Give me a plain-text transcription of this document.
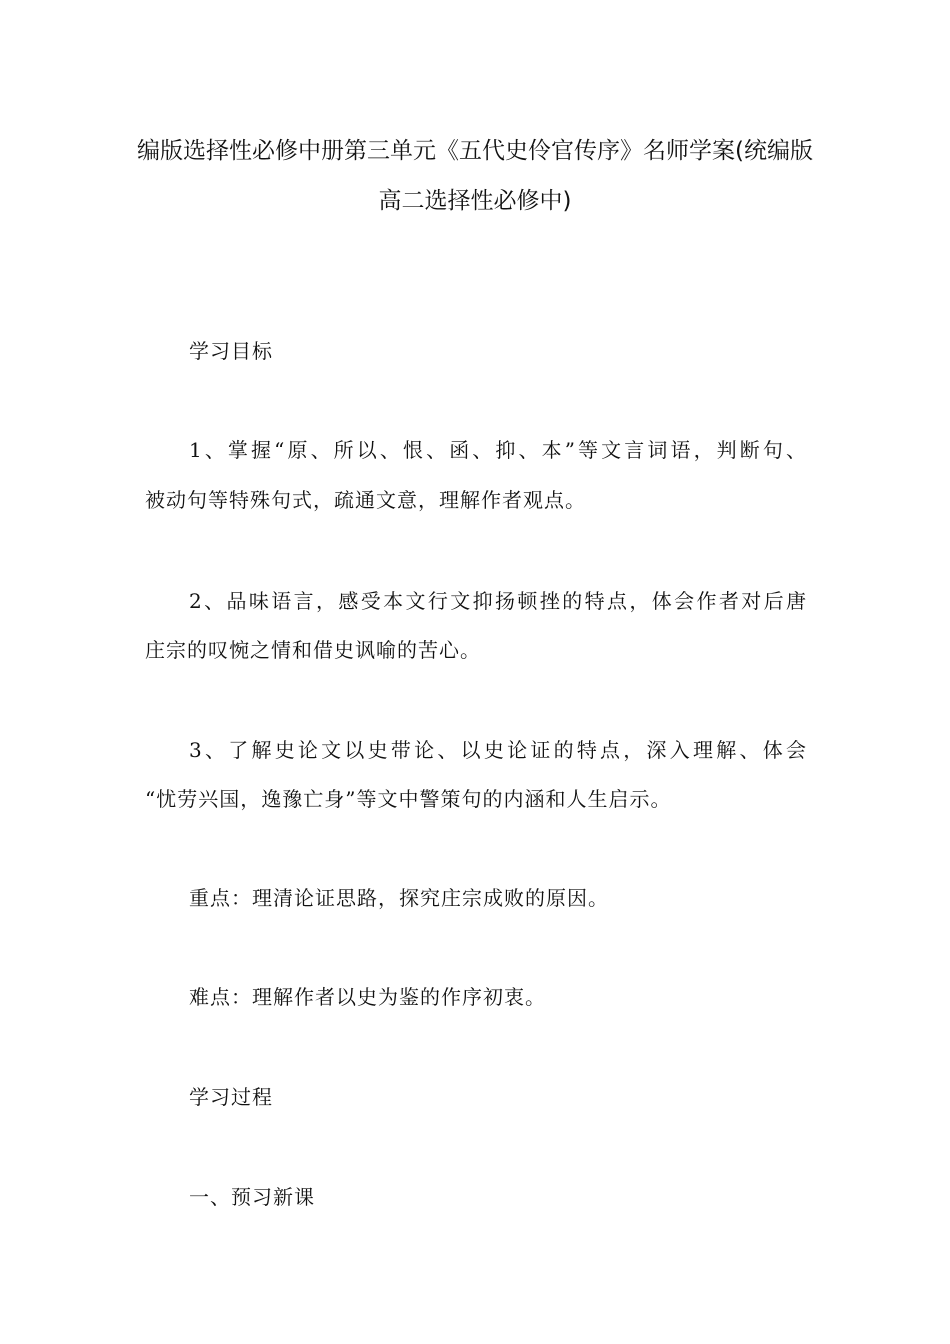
编版选择性必修中册第三单元《五代史伶官传序》名师学案(统编版
高二选择性必修中)
学习目标
1、掌握“原、所以、恨、函、抑、本”等文言词语，判断句、
被动句等特殊句式，疏通文意，理解作者观点。
2、品味语言，感受本文行文抑扬顿挫的特点，体会作者对后唐
庄宗的叹惋之情和借史讽喻的苦心。
3、了解史论文以史带论、以史论证的特点，深入理解、体会
“忧劳兴国，逸豫亡身”等文中警策句的内涵和人生启示。
重点：理清论证思路，探究庄宗成败的原因。
难点：理解作者以史为鉴的作序初衷。
学习过程
一、预习新课
